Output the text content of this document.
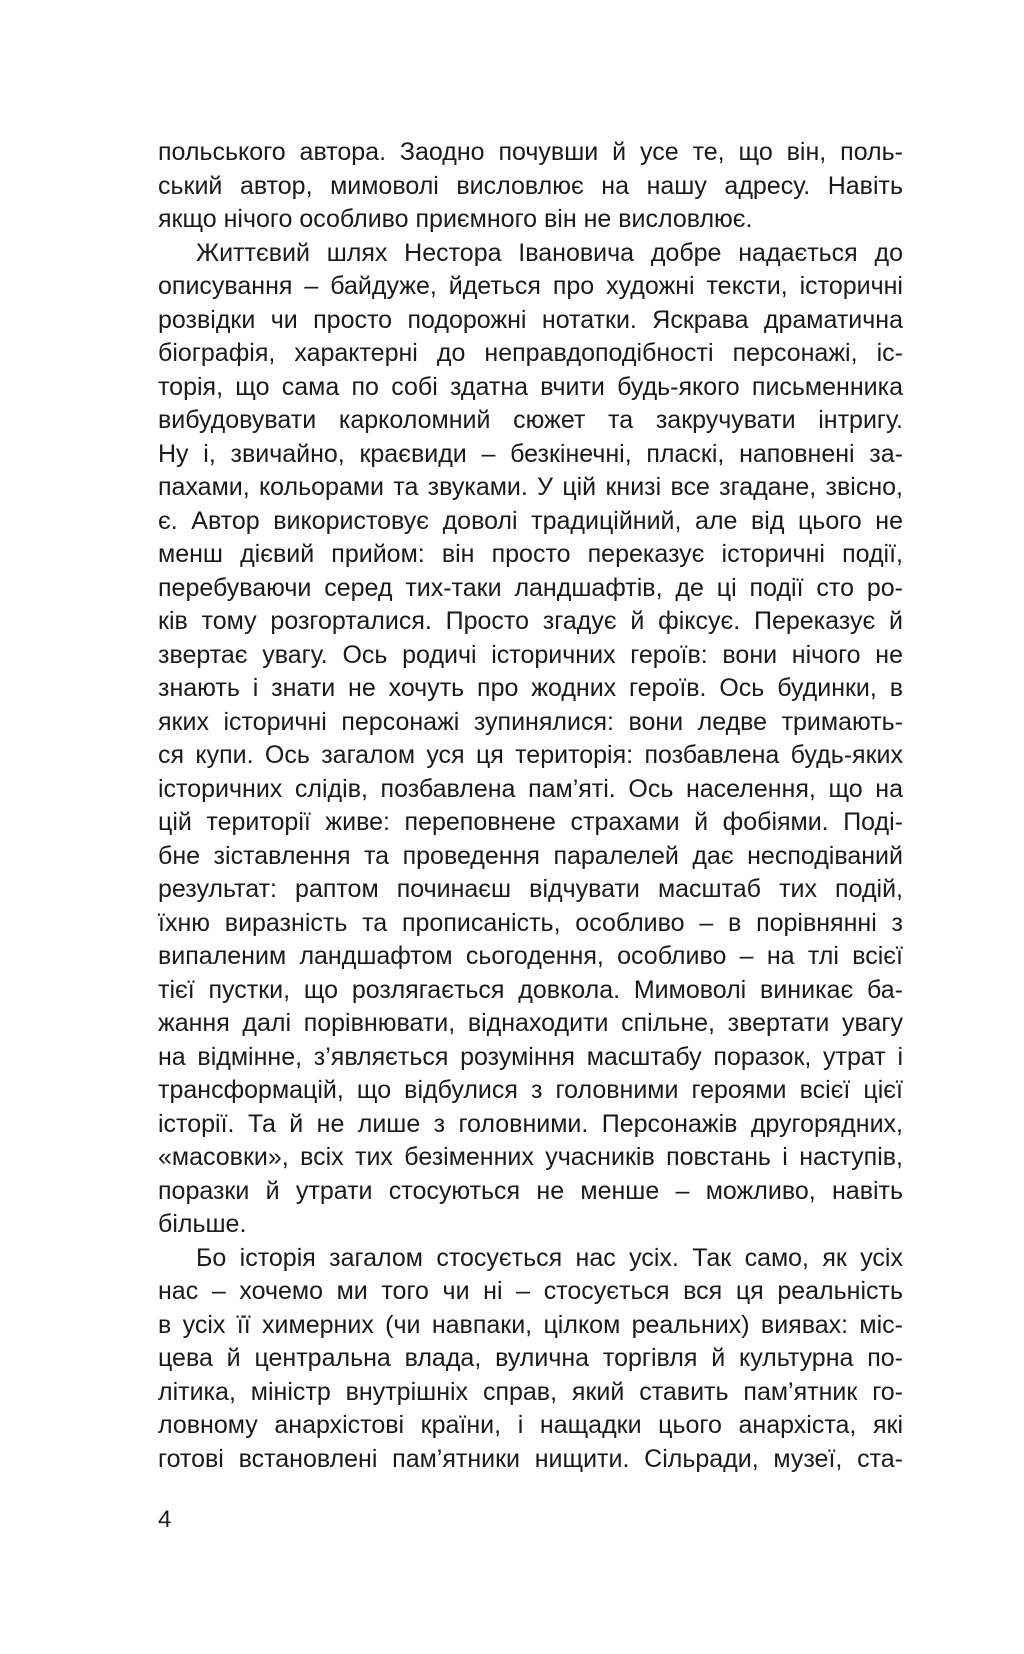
польського автора. Заодно почувши й усе те, що він, поль-
ський автор, мимоволі висловлює на нашу адресу. Навіть
якщо нічого особливо приємного він не висловлює.
Життєвий шлях Нестора Івановича добре надається до
описування – байдуже, йдеться про художні тексти, історичні
розвідки чи просто подорожні нотатки. Яскрава драматична
біографія, характерні до неправдоподібності персонажі, іс-
торія, що сама по собі здатна вчити будь-якого письменника
вибудовувати карколомний сюжет та закручувати інтригу.
Ну і, звичайно, краєвиди – безкінечні, пласкі, наповнені за-
пахами, кольорами та звуками. У цій книзі все згадане, звісно,
є. Автор використовує доволі традиційний, але від цього не
менш дієвий прийом: він просто переказує історичні події,
перебуваючи серед тих-таки ландшафтів, де ці події сто ро-
ків тому розгорталися. Просто згадує й фіксує. Переказує й
звертає увагу. Ось родичі історичних героїв: вони нічого не
знають і знати не хочуть про жодних героїв. Ось будинки, в
яких історичні персонажі зупинялися: вони ледве тримають-
ся купи. Ось загалом уся ця територія: позбавлена будь-яких
історичних слідів, позбавлена пам’яті. Ось населення, що на
цій території живе: переповнене страхами й фобіями. Поді-
бне зіставлення та проведення паралелей дає несподіваний
результат: раптом починаєш відчувати масштаб тих подій,
їхню виразність та прописаність, особливо – в порівнянні з
випаленим ландшафтом сьогодення, особливо – на тлі всієї
тієї пустки, що розлягається довкола. Мимоволі виникає ба-
жання далі порівнювати, віднаходити спільне, звертати увагу
на відмінне, з’являється розуміння масштабу поразок, утрат і
трансформацій, що відбулися з головними героями всієї цієї
історії. Та й не лише з головними. Персонажів другорядних,
«масовки», всіх тих безіменних учасників повстань і наступів,
поразки й утрати стосуються не менше – можливо, навіть
більше.
Бо історія загалом стосується нас усіх. Так само, як усіх
нас – хочемо ми того чи ні – стосується вся ця реальність
в усіх її химерних (чи навпаки, цілком реальних) виявах: міс-
цева й центральна влада, вулична торгівля й культурна по-
літика, міністр внутрішніх справ, який ставить пам’ятник го-
ловному анархістові країни, і нащадки цього анархіста, які
готові встановлені пам’ятники нищити. Сільради, музеї, ста-
4
